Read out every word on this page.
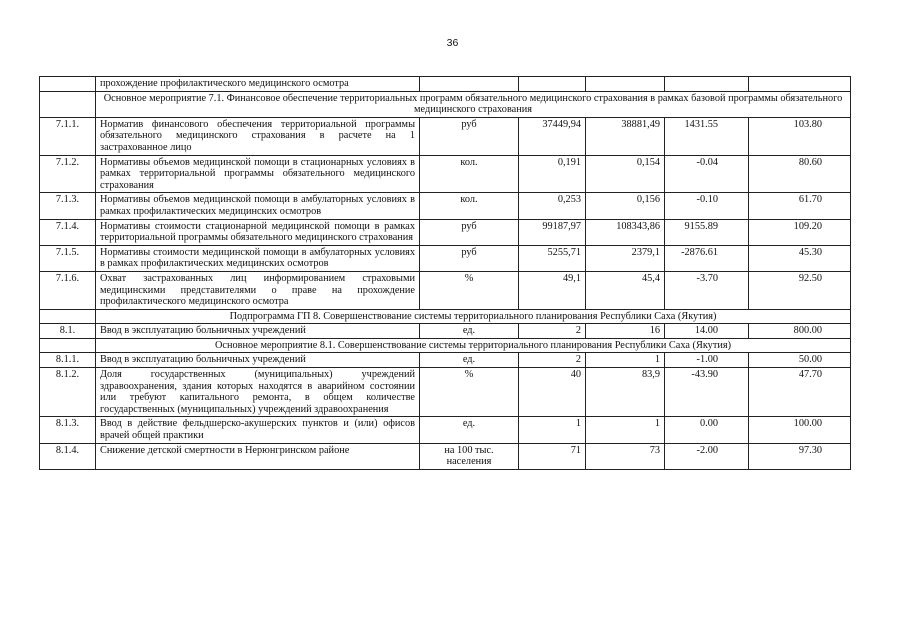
36
	прохождение профилактического медицинского осмотра					
	Основное мероприятие 7.1. Финансовое обеспечение территориальных программ обязательного медицинского страхования в рамках базовой программы обязательного медицинского страхования					
7.1.1.	Норматив финансового обеспечения территориальной программы обязательного медицинского страхования в расчете на 1 застрахованное лицо	руб	37449,94	38881,49	1431.55	103.80
7.1.2.	Нормативы объемов медицинской помощи в стационарных условиях в рамках территориальной программы обязательного медицинского страхования	кол.	0,191	0,154	-0.04	80.60
7.1.3.	Нормативы объемов медицинской помощи в амбулаторных условиях в рамках профилактических медицинских осмотров	кол.	0,253	0,156	-0.10	61.70
7.1.4.	Нормативы стоимости стационарной медицинской помощи в рамках территориальной программы обязательного медицинского страхования	руб	99187,97	108343,86	9155.89	109.20
7.1.5.	Нормативы стоимости медицинской помощи в амбулаторных условиях в рамках профилактических медицинских осмотров	руб	5255,71	2379,1	-2876.61	45.30
7.1.6.	Охват застрахованных лиц информированием страховыми медицинскими представителями о праве на прохождение профилактического медицинского осмотра	%	49,1	45,4	-3.70	92.50
	Подпрограмма ГП 8. Совершенствование системы территориального планирования Республики Саха (Якутия)					
8.1.	Ввод в эксплуатацию больничных учреждений	ед.	2	16	14.00	800.00
	Основное мероприятие 8.1. Совершенствование системы территориального планирования Республики Саха (Якутия)					
8.1.1.	Ввод в эксплуатацию больничных учреждений	ед.	2	1	-1.00	50.00
8.1.2.	Доля государственных (муниципальных) учреждений здравоохранения, здания которых находятся в аварийном состоянии или требуют капитального ремонта, в общем количестве государственных (муниципальных) учреждений здравоохранения	%	40	83,9	-43.90	47.70
8.1.3.	Ввод в действие фельдшерско-акушерских пунктов и (или) офисов врачей общей практики	ед.	1	1	0.00	100.00
8.1.4.	Снижение детской смертности в Нерюнгринском районе	на 100 тыс. населения	71	73	-2.00	97.30
